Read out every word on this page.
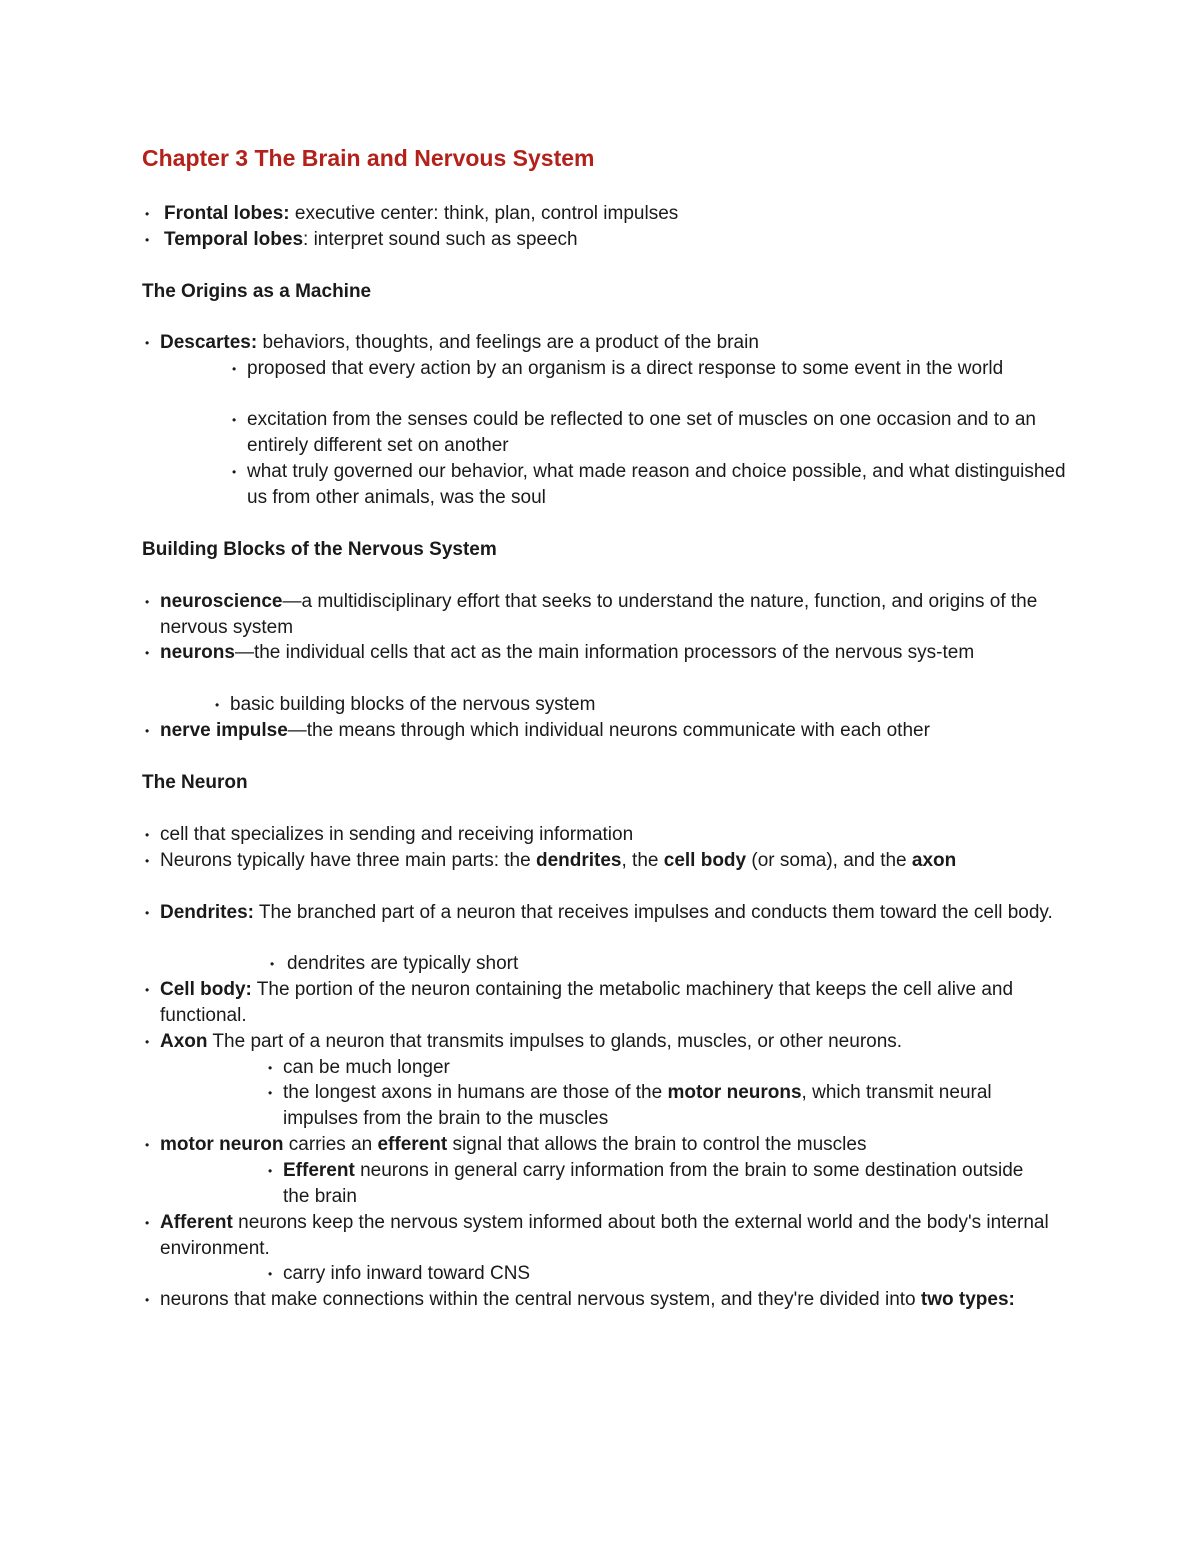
Chapter 3 The Brain and Nervous System
The Origins as a Machine
Building Blocks of the Nervous System
The Neuron
• Frontal lobes: executive center: think, plan, control impulses
• Temporal lobes: interpret sound such as speech
• Descartes: behaviors, thoughts, and feelings are a product of the brain
• proposed that every action by an organism is a direct response to some event in the world
• excitation from the senses could be reflected to one set of muscles on one occasion and to an entirely different set on another
• what truly governed our behavior, what made reason and choice possible, and what distinguished us from other animals, was the soul
• neuroscience—a multidisciplinary effort that seeks to understand the nature, function, and origins of the nervous system
• neurons—the individual cells that act as the main information processors of the nervous sys-tem
• basic building blocks of the nervous system
• nerve impulse—the means through which individual neurons communicate with each other
• cell that specializes in sending and receiving information
• Neurons typically have three main parts: the dendrites, the cell body (or soma), and the axon
• Dendrites: The branched part of a neuron that receives impulses and conducts them toward the cell body.
• dendrites are typically short
• Cell body: The portion of the neuron containing the metabolic machinery that keeps the cell alive and functional.
• Axon The part of a neuron that transmits impulses to glands, muscles, or other neurons.
• can be much longer
• the longest axons in humans are those of the motor neurons, which transmit neural impulses from the brain to the muscles
• motor neuron carries an efferent signal that allows the brain to control the muscles
• Efferent neurons in general carry information from the brain to some destination outside the brain
• Afferent neurons keep the nervous system informed about both the external world and the body's internal environment.
• carry info inward toward CNS
• neurons that make connections within the central nervous system, and they're divided into two types:
